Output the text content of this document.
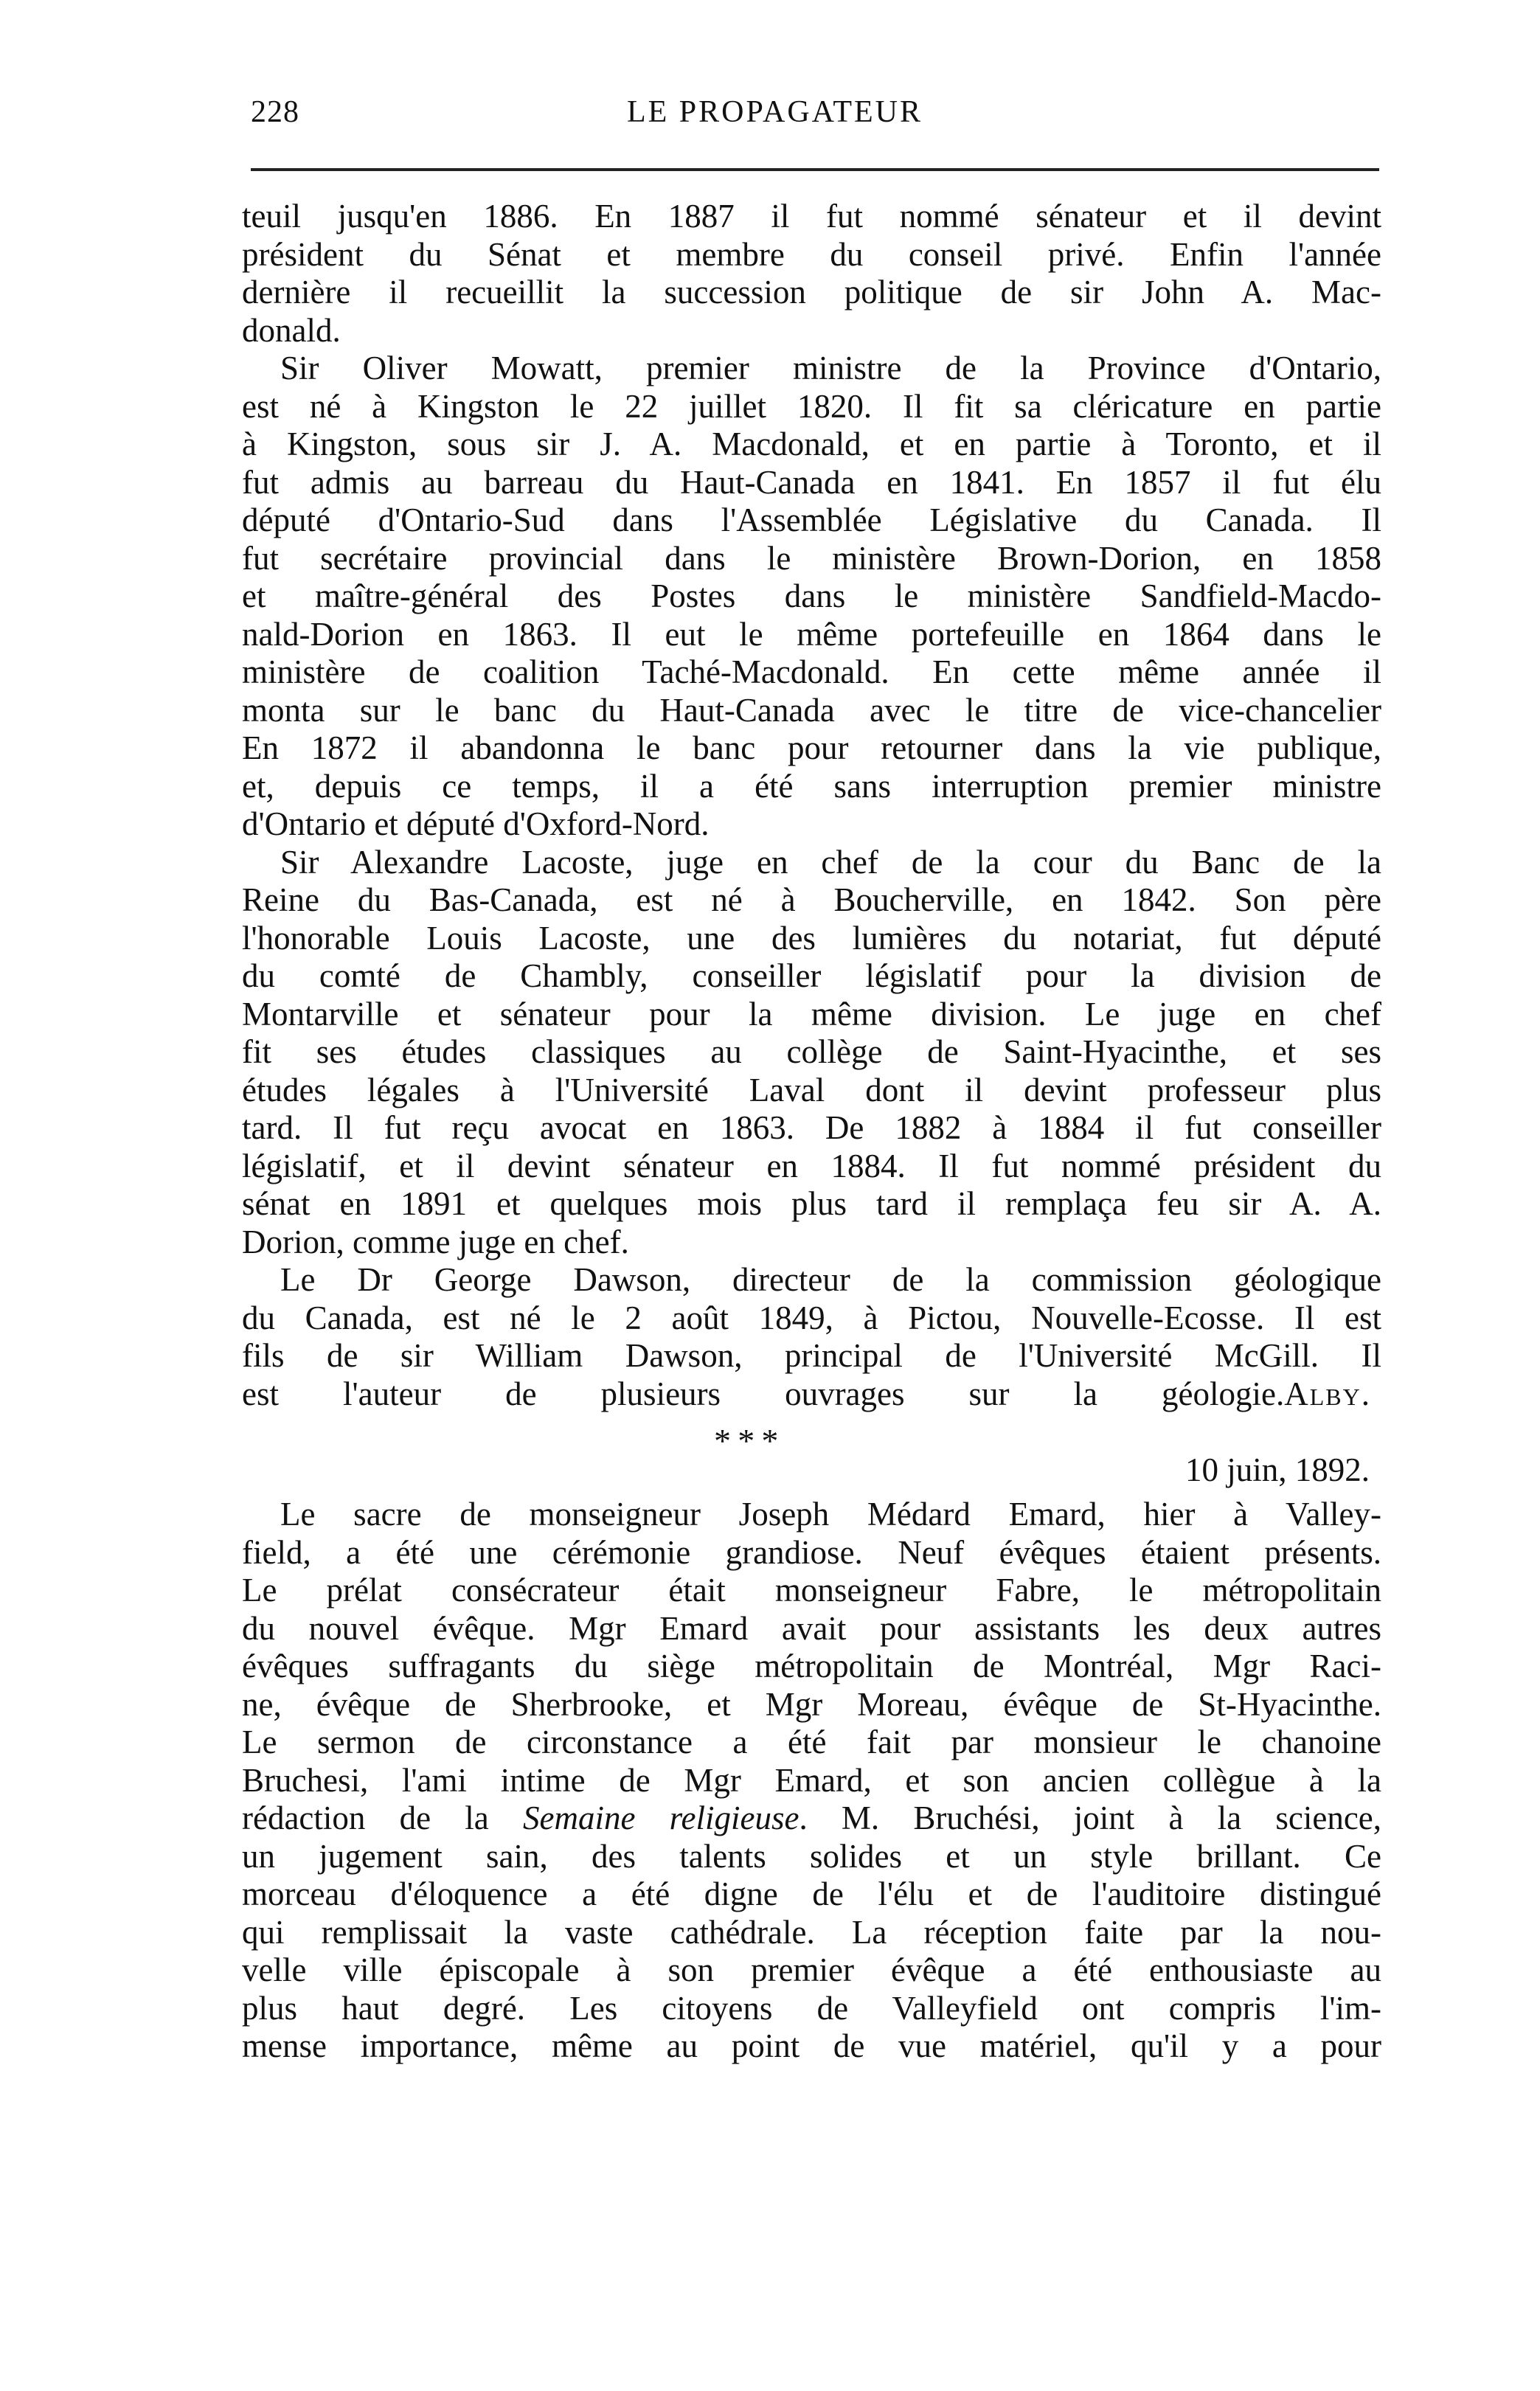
228	LE PROPAGATEUR
teuil jusqu'en 1886. En 1887 il fut nommé sénateur et il devint
président du Sénat et membre du conseil privé. Enfin l'année
dernière il recueillit la succession politique de sir John A. Mac-
donald.
Sir Oliver Mowatt, premier ministre de la Province d'Ontario,
est né à Kingston le 22 juillet 1820. Il fit sa cléricature en partie
à Kingston, sous sir J. A. Macdonald, et en partie à Toronto, et il
fut admis au barreau du Haut-Canada en 1841. En 1857 il fut élu
député d'Ontario-Sud dans l'Assemblée Législative du Canada. Il
fut secrétaire provincial dans le ministère Brown-Dorion, en 1858
et maître-général des Postes dans le ministère Sandfield-Macdo-
nald-Dorion en 1863. Il eut le même portefeuille en 1864 dans le
ministère de coalition Taché-Macdonald. En cette même année il
monta sur le banc du Haut-Canada avec le titre de vice-chancelier
En 1872 il abandonna le banc pour retourner dans la vie publique,
et, depuis ce temps, il a été sans interruption premier ministre
d'Ontario et député d'Oxford-Nord.
Sir Alexandre Lacoste, juge en chef de la cour du Banc de la
Reine du Bas-Canada, est né à Boucherville, en 1842. Son père
l'honorable Louis Lacoste, une des lumières du notariat, fut député
du comté de Chambly, conseiller législatif pour la division de
Montarville et sénateur pour la même division. Le juge en chef
fit ses études classiques au collège de Saint-Hyacinthe, et ses
études légales à l'Université Laval dont il devint professeur plus
tard. Il fut reçu avocat en 1863. De 1882 à 1884 il fut conseiller
législatif, et il devint sénateur en 1884. Il fut nommé président du
sénat en 1891 et quelques mois plus tard il remplaça feu sir A. A.
Dorion, comme juge en chef.
Le Dr George Dawson, directeur de la commission géologique
du Canada, est né le 2 août 1849, à Pictou, Nouvelle-Ecosse. Il est
fils de sir William Dawson, principal de l'Université McGill. Il
est l'auteur de plusieurs ouvrages sur la géologie. Alby.
* * *
10 juin, 1892.
Le sacre de monseigneur Joseph Médard Emard, hier à Valley-
field, a été une cérémonie grandiose. Neuf évêques étaient présents.
Le prélat consécrateur était monseigneur Fabre, le métropolitain
du nouvel évêque. Mgr Emard avait pour assistants les deux autres
évêques suffragants du siège métropolitain de Montréal, Mgr Raci-
ne, évêque de Sherbrooke, et Mgr Moreau, évêque de St-Hyacinthe.
Le sermon de circonstance a été fait par monsieur le chanoine
Bruchesi, l'ami intime de Mgr Emard, et son ancien collègue à la
rédaction de la Semaine religieuse. M. Bruchési, joint à la science,
un jugement sain, des talents solides et un style brillant. Ce
morceau d'éloquence a été digne de l'élu et de l'auditoire distingué
qui remplissait la vaste cathédrale. La réception faite par la nou-
velle ville épiscopale à son premier évêque a été enthousiaste au
plus haut degré. Les citoyens de Valleyfield ont compris l'im-
mense importance, même au point de vue matériel, qu'il y a pour
